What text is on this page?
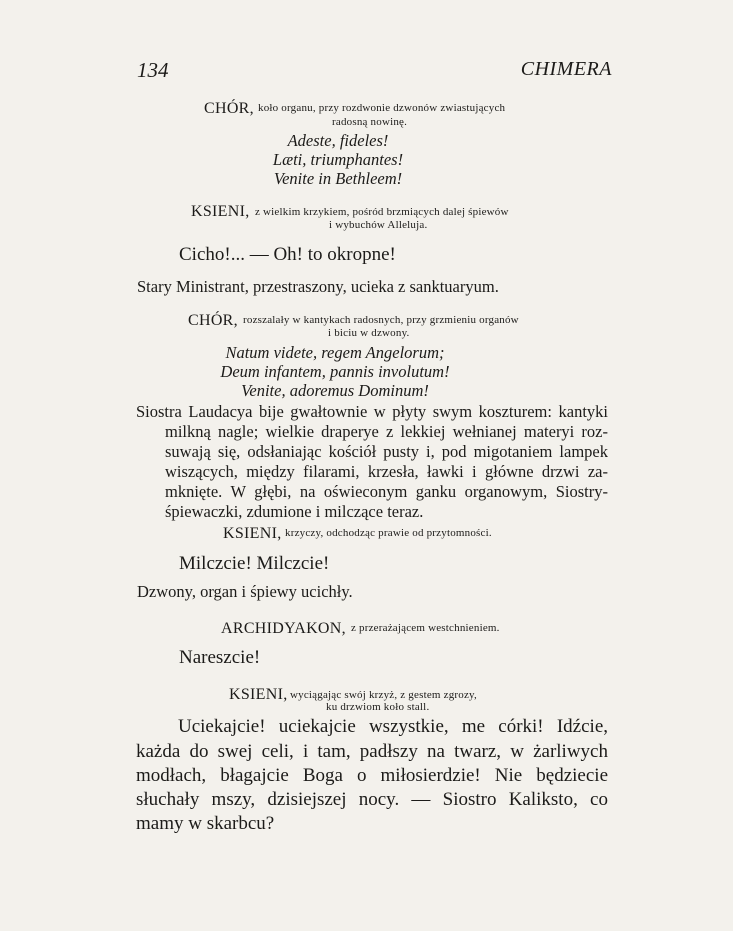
134	CHIMERA
CHÓR, koło organu, przy rozdwonie dzwonów zwiastujących
radosną nowinę.
Adeste, fideles!
Læti, triumphantes!
Venite in Bethleem!
KSIENI, z wielkim krzykiem, pośród brzmiących dalej śpiewów
i wybuchów Alleluja.
Cicho!... — Oh! to okropne!
Stary Ministrant, przestraszony, ucieka z sanktuaryum.
CHÓR, rozszalały w kantykach radosnych, przy grzmieniu organów
i biciu w dzwony.
Natum videte, regem Angelorum;
Deum infantem, pannis involutum!
Venite, adoremus Dominum!
Siostra Laudacya bije gwałtownie w płyty swym koszturem: kantyki
milkną nagle; wielkie draperye z lekkiej wełnianej materyi roz-
suwają się, odsłaniając kościół pusty i, pod migotaniem lampek
wiszących, między filarami, krzesła, ławki i główne drzwi za-
mknięte. W głębi, na oświeconym ganku organowym, Siostry-
śpiewaczki, zdumione i milczące teraz.
KSIENI, krzyczy, odchodząc prawie od przytomności.
Milczcie! Milczcie!
Dzwony, organ i śpiewy ucichły.
ARCHIDYAKON, z przerażającem westchnieniem.
Nareszcie!
KSIENI, wyciągając swój krzyż, z gestem zgrozy,
ku drzwiom koło stall.
Uciekajcie! uciekajcie wszystkie, me córki! Idźcie,
każda do swej celi, i tam, padłszy na twarz, w żarliwych
modłach, błagajcie Boga o miłosierdzie! Nie będziecie
słuchały mszy, dzisiejszej nocy. — Siostro Kaliksto, co
mamy w skarbcu?
